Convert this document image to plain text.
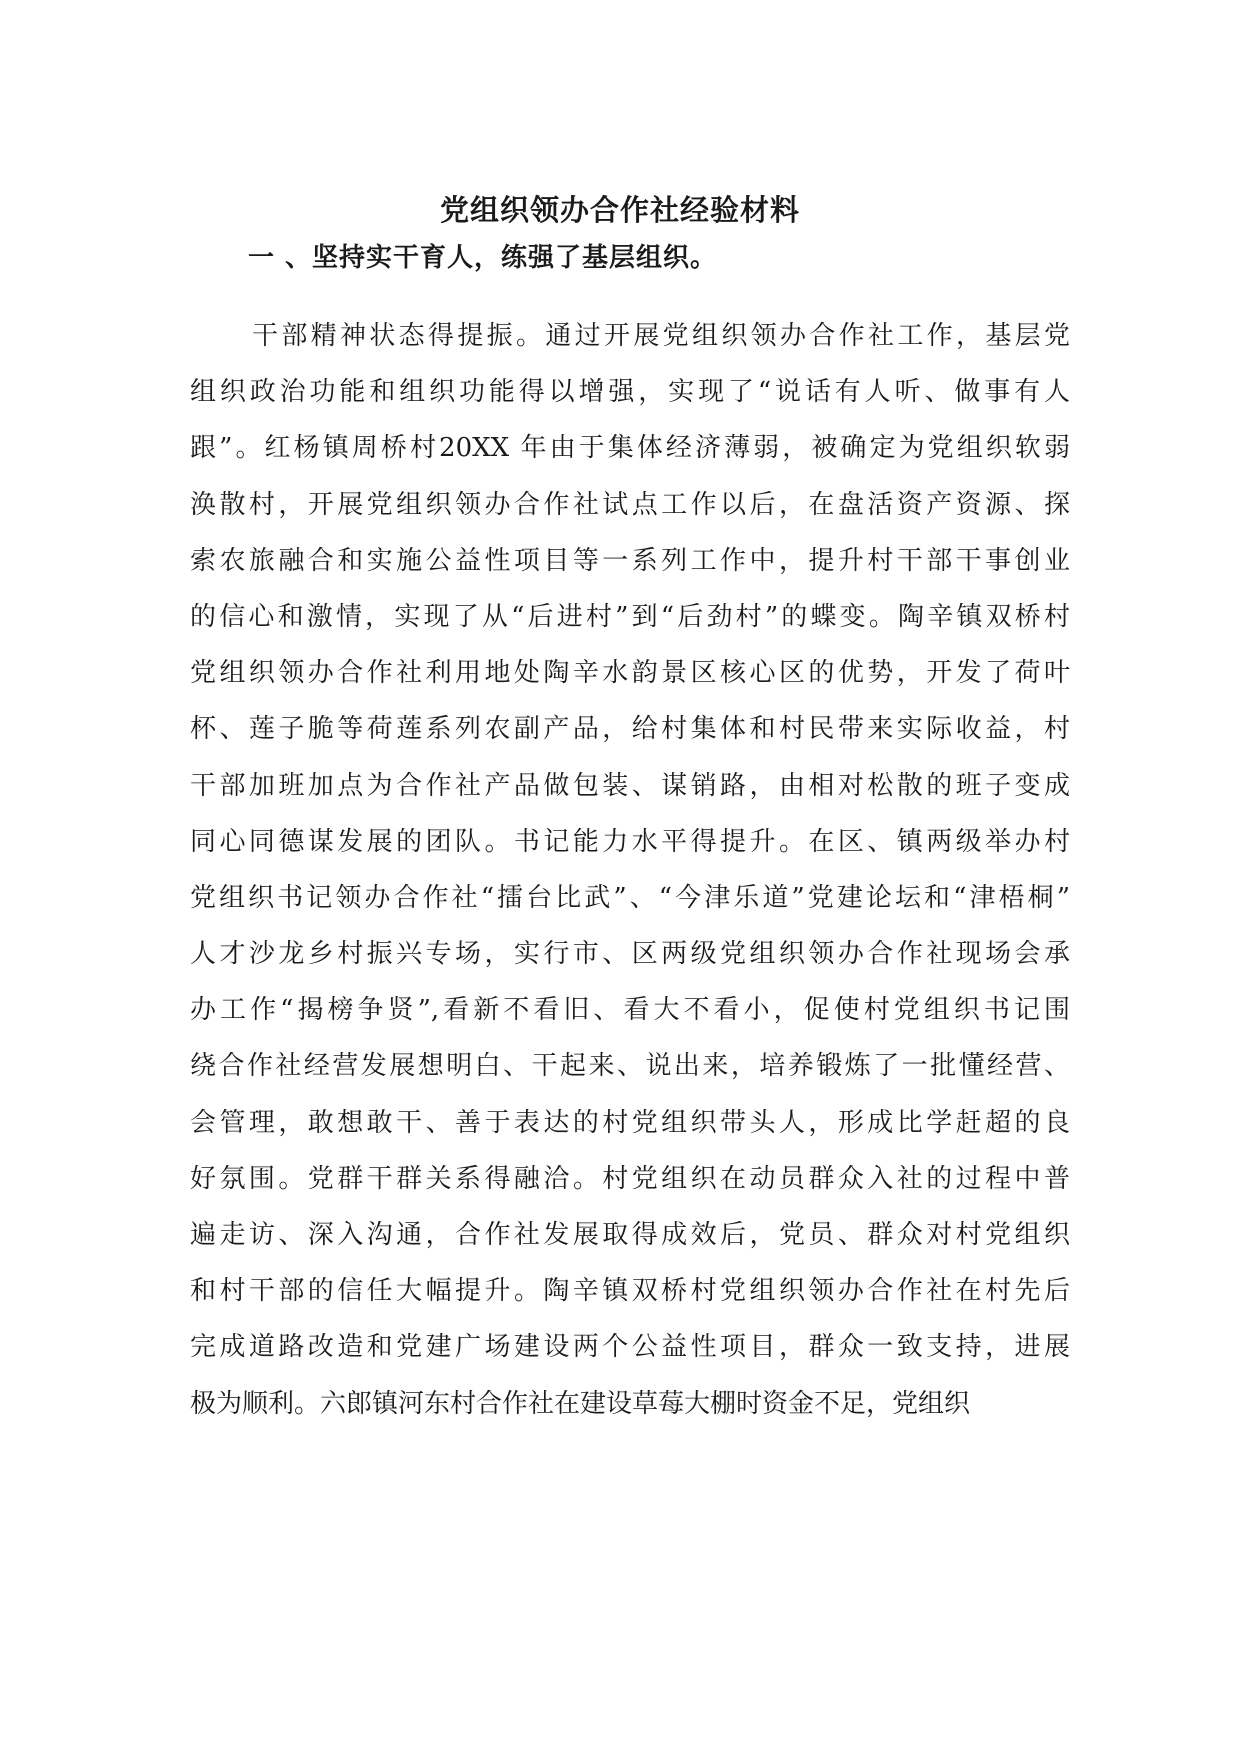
党组织领办合作社经验材料
一 、坚持实干育人，练强了基层组织。
干部精神状态得提振。通过开展党组织领办合作社工作，基层党
组织政治功能和组织功能得以增强，实现了“说话有人听、做事有人
跟”。红杨镇周桥村20XX 年由于集体经济薄弱，被确定为党组织软弱
涣散村，开展党组织领办合作社试点工作以后，在盘活资产资源、探
索农旅融合和实施公益性项目等一系列工作中，提升村干部干事创业
的信心和激情，实现了从“后进村”到“后劲村”的蝶变。陶辛镇双桥村
党组织领办合作社利用地处陶辛水韵景区核心区的优势，开发了荷叶
杯、莲子脆等荷莲系列农副产品，给村集体和村民带来实际收益，村
干部加班加点为合作社产品做包装、谋销路，由相对松散的班子变成
同心同德谋发展的团队。书记能力水平得提升。在区、镇两级举办村
党组织书记领办合作社“擂台比武”、“今津乐道”党建论坛和“津梧桐”
人才沙龙乡村振兴专场，实行市、区两级党组织领办合作社现场会承
办工作“揭榜争贤”,看新不看旧、看大不看小，促使村党组织书记围
绕合作社经营发展想明白、干起来、说出来，培养锻炼了一批懂经营、
会管理，敢想敢干、善于表达的村党组织带头人，形成比学赶超的良
好氛围。党群干群关系得融洽。村党组织在动员群众入社的过程中普
遍走访、深入沟通，合作社发展取得成效后，党员、群众对村党组织
和村干部的信任大幅提升。陶辛镇双桥村党组织领办合作社在村先后
完成道路改造和党建广场建设两个公益性项目，群众一致支持，进展
极为顺利。六郎镇河东村合作社在建设草莓大棚时资金不足，党组织
